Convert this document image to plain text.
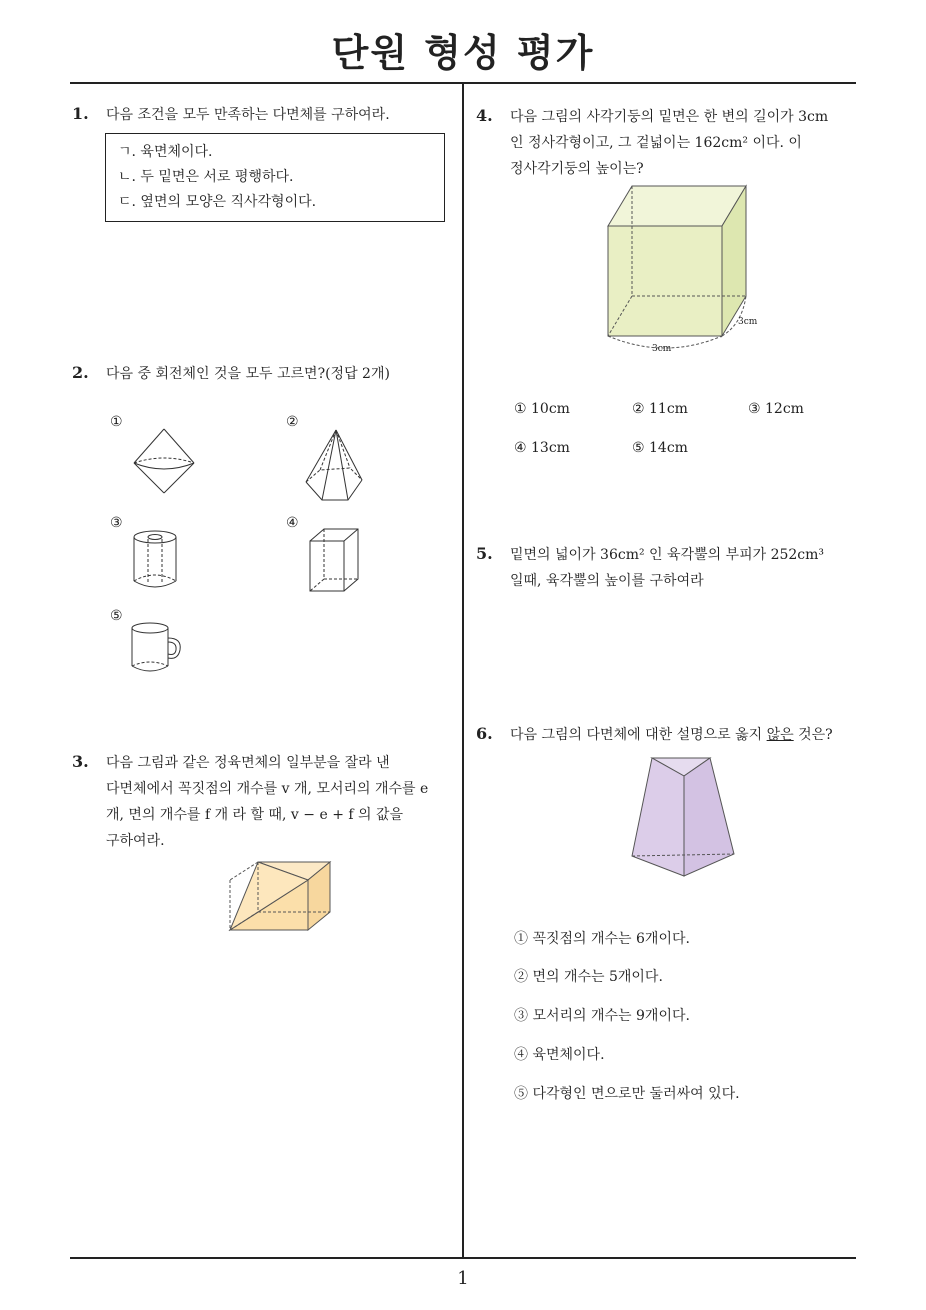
단원 형성 평가
1
1. 다음 조건을 모두 만족하는 다면체를 구하여라.
ㄱ. 육면체이다.
ㄴ. 두 밑면은 서로 평행하다.
ㄷ. 옆면의 모양은 직사각형이다.
2. 다음 중 회전체인 것을 모두 고르면?(정답 2개)
①	②
③	④
⑤
3. 다음 그림과 같은 정육면체의 일부분을 잘라 낸
다면체에서 꼭짓점의 개수를 v 개, 모서리의 개수를 e
개, 면의 개수를 f 개 라 할 때, v − e + f 의 값을
구하여라.
4. 다음 그림의 사각기둥의 밑면은 한 변의 길이가 3cm
인 정사각형이고, 그 겉넓이는 162cm² 이다. 이
정사각기둥의 높이는?
3cm
3cm
① 10cm	② 11cm	③ 12cm
④ 13cm	⑤ 14cm
5. 밑면의 넓이가 36cm² 인 육각뿔의 부피가 252cm³
일때, 육각뿔의 높이를 구하여라
6. 다음 그림의 다면체에 대한 설명으로 옳지 않은 것은?
① 꼭짓점의 개수는 6개이다.
② 면의 개수는 5개이다.
③ 모서리의 개수는 9개이다.
④ 육면체이다.
⑤ 다각형인 면으로만 둘러싸여 있다.
